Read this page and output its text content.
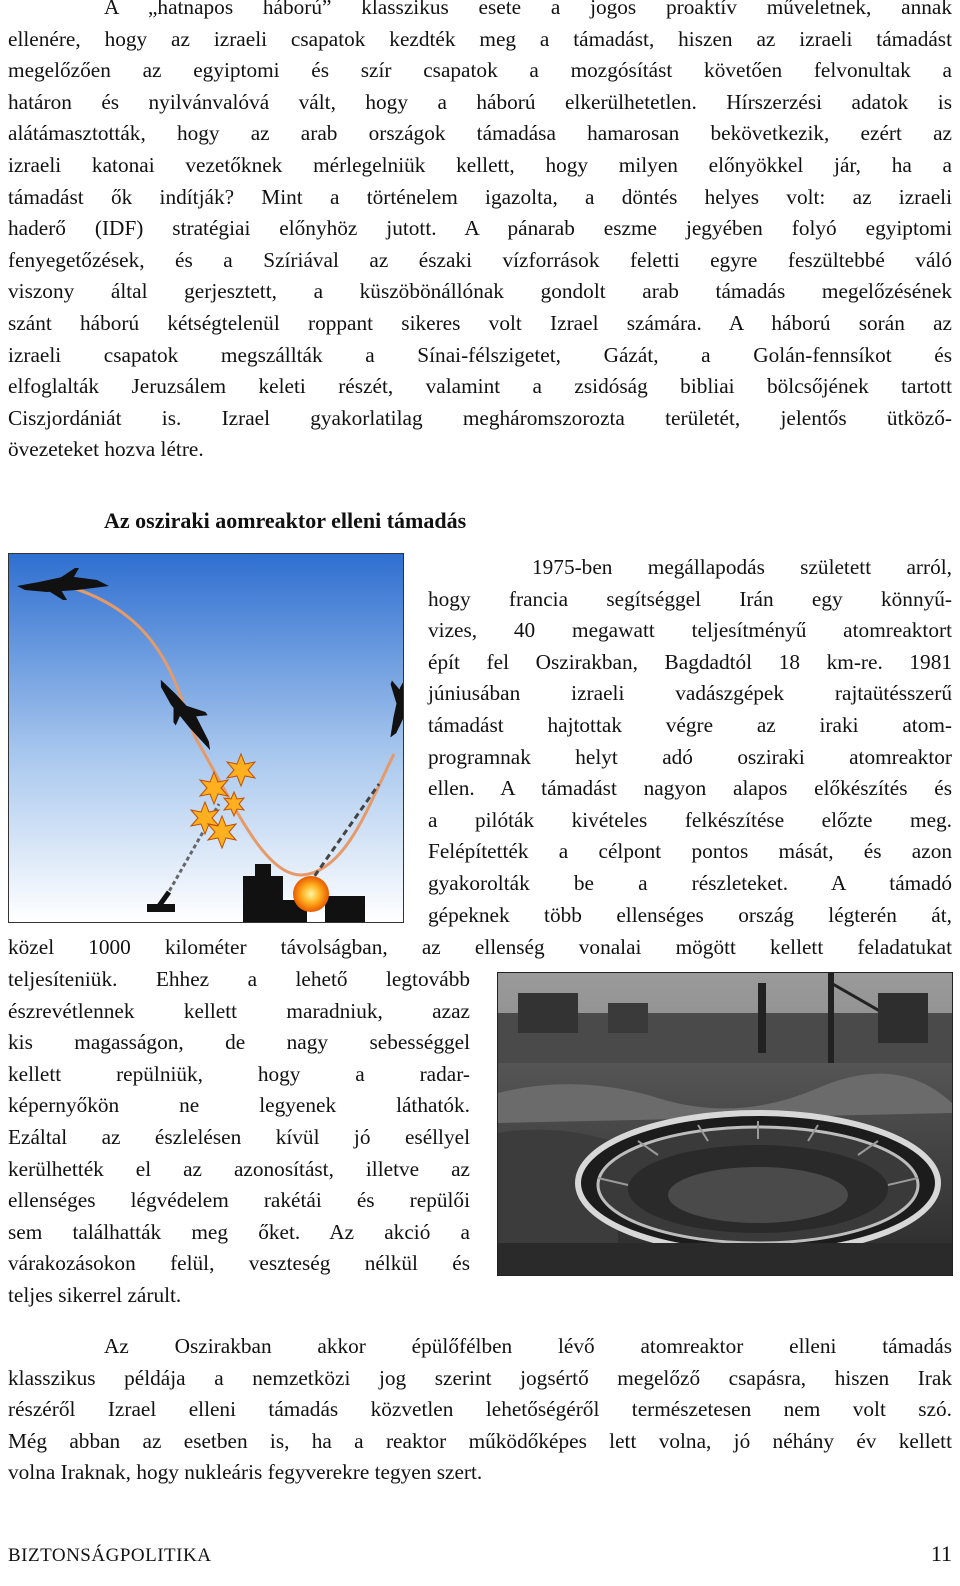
A „hatnapos háború” klasszikus esete a jogos proaktív műveletnek, annak
ellenére, hogy az izraeli csapatok kezdték meg a támadást, hiszen az izraeli támadást
megelőzően az egyiptomi és szír csapatok a mozgósítást követően felvonultak a
határon és nyilvánvalóvá vált, hogy a háború elkerülhetetlen. Hírszerzési adatok is
alátámasztották, hogy az arab országok támadása hamarosan bekövetkezik, ezért az
izraeli katonai vezetőknek mérlegelniük kellett, hogy milyen előnyökkel jár, ha a
támadást ők indítják? Mint a történelem igazolta, a döntés helyes volt: az izraeli
haderő (IDF) stratégiai előnyhöz jutott. A pánarab eszme jegyében folyó egyiptomi
fenyegetőzések, és a Szíriával az északi vízforrások feletti egyre feszültebbé váló
viszony által gerjesztett, a küszöbönállónak gondolt arab támadás megelőzésének
szánt háború kétségtelenül roppant sikeres volt Izrael számára. A háború során az
izraeli csapatok megszállták a Sínai-félszigetet, Gázát, a Golán-fennsíkot és
elfoglalták Jeruzsálem keleti részét, valamint a zsidóság bibliai bölcsőjének tartott
Ciszjordániát is. Izrael gyakorlatilag megháromszorozta területét, jelentős ütköző-
övezeteket hozva létre.
Az osziraki aomreaktor elleni támadás
1975-ben megállapodás született arról,
hogy francia segítséggel Irán egy könnyű-
vizes, 40 megawatt teljesítményű atomreaktort
épít fel Oszirakban, Bagdadtól 18 km-re. 1981
júniusában izraeli vadászgépek rajtaütésszerű
támadást hajtottak végre az iraki atom-
programnak helyt adó osziraki atomreaktor
ellen. A támadást nagyon alapos előkészítés és
a pilóták kivételes felkészítése előzte meg.
Felépítették a célpont pontos mását, és azon
gyakorolták be a részleteket. A támadó
gépeknek több ellenséges ország légterén át,
közel 1000 kilométer távolságban, az ellenség vonalai mögött kellett feladatukat
teljesíteniük. Ehhez a lehető legtovább
észrevétlennek kellett maradniuk, azaz
kis magasságon, de nagy sebességgel
kellett repülniük, hogy a radar-
képernyőkön ne legyenek láthatók.
Ezáltal az észlelésen kívül jó eséllyel
kerülhették el az azonosítást, illetve az
ellenséges légvédelem rakétái és repülői
sem találhatták meg őket. Az akció a
várakozásokon felül, veszteség nélkül és
teljes sikerrel zárult.
Az Oszirakban akkor épülőfélben lévő atomreaktor elleni támadás
klasszikus példája a nemzetközi jog szerint jogsértő megelőző csapásra, hiszen Irak
részéről Izrael elleni támadás közvetlen lehetőségéről természetesen nem volt szó.
Még abban az esetben is, ha a reaktor működőképes lett volna, jó néhány év kellett
volna Iraknak, hogy nukleáris fegyverekre tegyen szert.
BIZTONSÁGPOLITIKA	11
